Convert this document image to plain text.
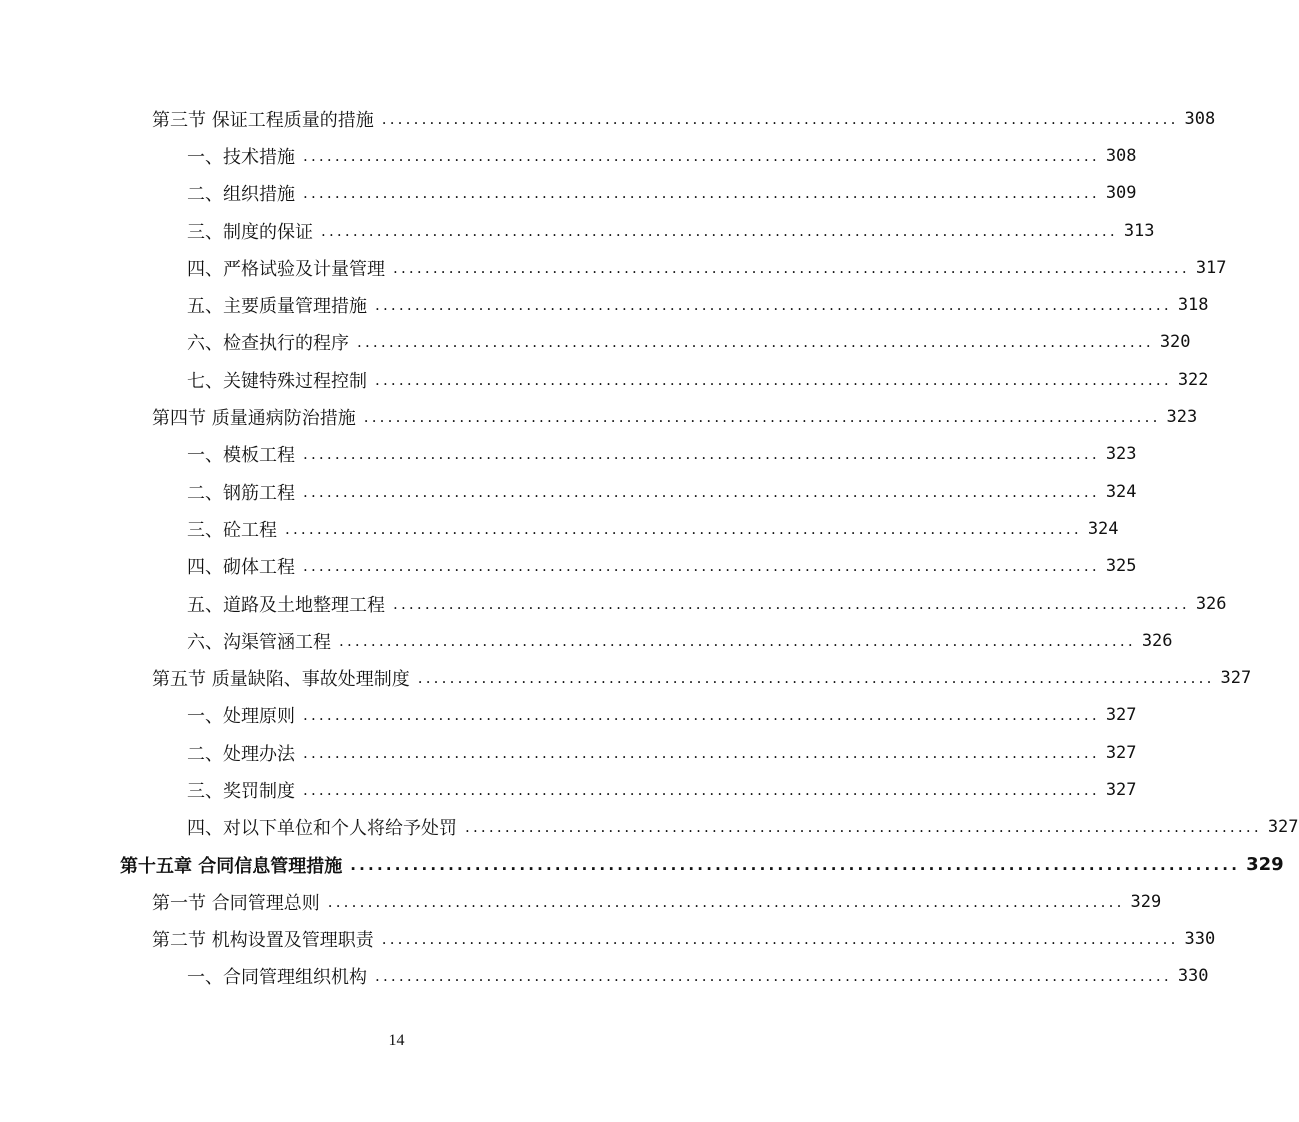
第三节 保证工程质量的措施 .................................................................................................... 308
一、技术措施 .................................................................................................... 308
二、组织措施 .................................................................................................... 309
三、制度的保证 .................................................................................................... 313
四、严格试验及计量管理 .................................................................................................... 317
五、主要质量管理措施 .................................................................................................... 318
六、检查执行的程序 .................................................................................................... 320
七、关键特殊过程控制 .................................................................................................... 322
第四节 质量通病防治措施 .................................................................................................... 323
一、模板工程 .................................................................................................... 323
二、钢筋工程 .................................................................................................... 324
三、砼工程 .................................................................................................... 324
四、砌体工程 .................................................................................................... 325
五、道路及土地整理工程 .................................................................................................... 326
六、沟渠管涵工程 .................................................................................................... 326
第五节 质量缺陷、事故处理制度 .................................................................................................... 327
一、处理原则 .................................................................................................... 327
二、处理办法 .................................................................................................... 327
三、奖罚制度 .................................................................................................... 327
四、对以下单位和个人将给予处罚 .................................................................................................... 327
第十五章 合同信息管理措施 .................................................................................................... 329
第一节 合同管理总则 .................................................................................................... 329
第二节 机构设置及管理职责 .................................................................................................... 330
一、合同管理组织机构 .................................................................................................... 330
14
